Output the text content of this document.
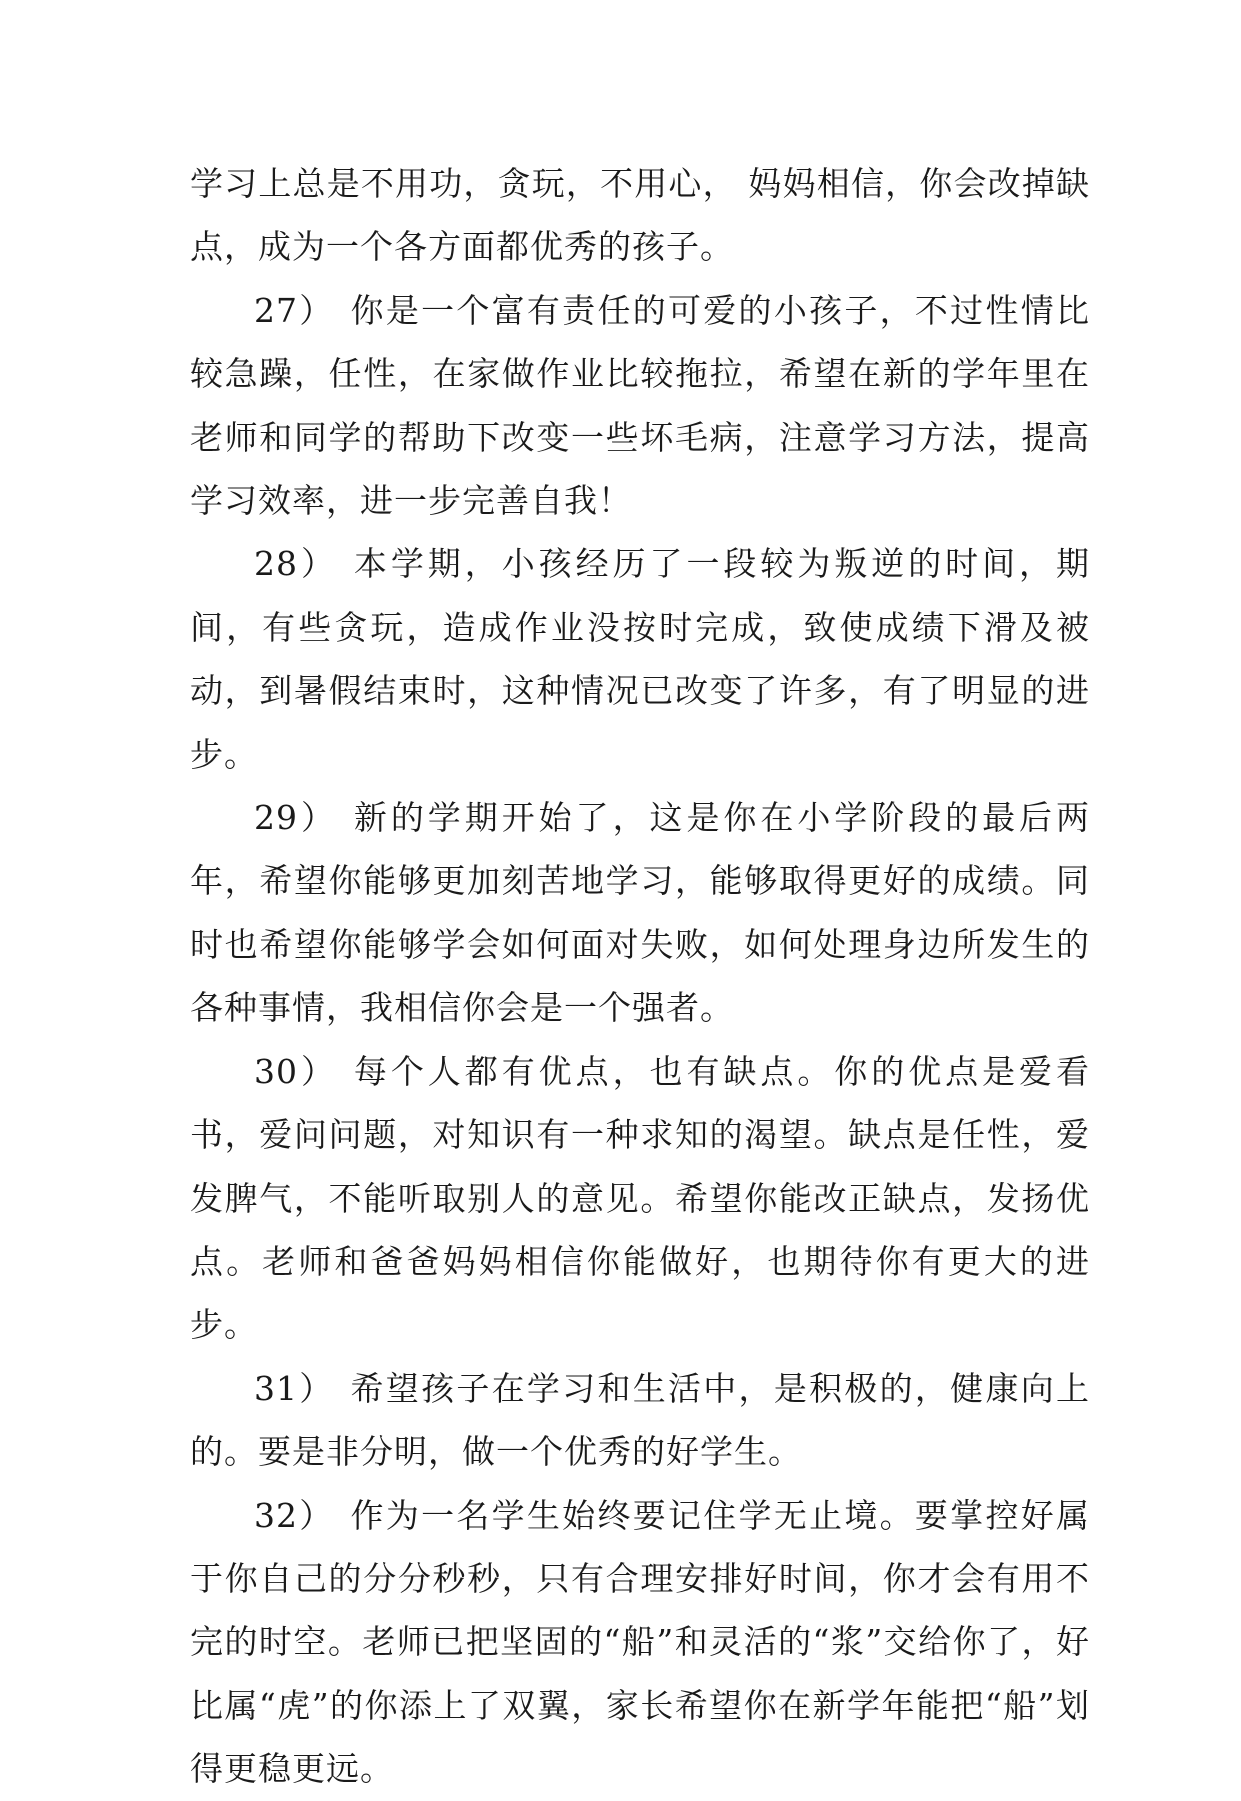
学习上总是不用功，贪玩，不用心， 妈妈相信，你会改掉缺点，成为一个各方面都优秀的孩子。

27） 你是一个富有责任的可爱的小孩子，不过性情比较急躁，任性，在家做作业比较拖拉，希望在新的学年里在老师和同学的帮助下改变一些坏毛病，注意学习方法，提高学习效率，进一步完善自我！

28） 本学期，小孩经历了一段较为叛逆的时间，期间，有些贪玩，造成作业没按时完成，致使成绩下滑及被动，到暑假结束时，这种情况已改变了许多，有了明显的进步。

29） 新的学期开始了，这是你在小学阶段的最后两年，希望你能够更加刻苦地学习，能够取得更好的成绩。同时也希望你能够学会如何面对失败，如何处理身边所发生的各种事情，我相信你会是一个强者。

30） 每个人都有优点，也有缺点。你的优点是爱看书，爱问问题，对知识有一种求知的渴望。缺点是任性，爱发脾气，不能听取别人的意见。希望你能改正缺点，发扬优点。老师和爸爸妈妈相信你能做好，也期待你有更大的进步。

31） 希望孩子在学习和生活中，是积极的，健康向上的。要是非分明，做一个优秀的好学生。

32） 作为一名学生始终要记住学无止境。要掌控好属于你自己的分分秒秒，只有合理安排好时间，你才会有用不完的时空。老师已把坚固的“船”和灵活的“浆”交给你了，好比属“虎”的你添上了双翼，家长希望你在新学年能把“船”划得更稳更远。
